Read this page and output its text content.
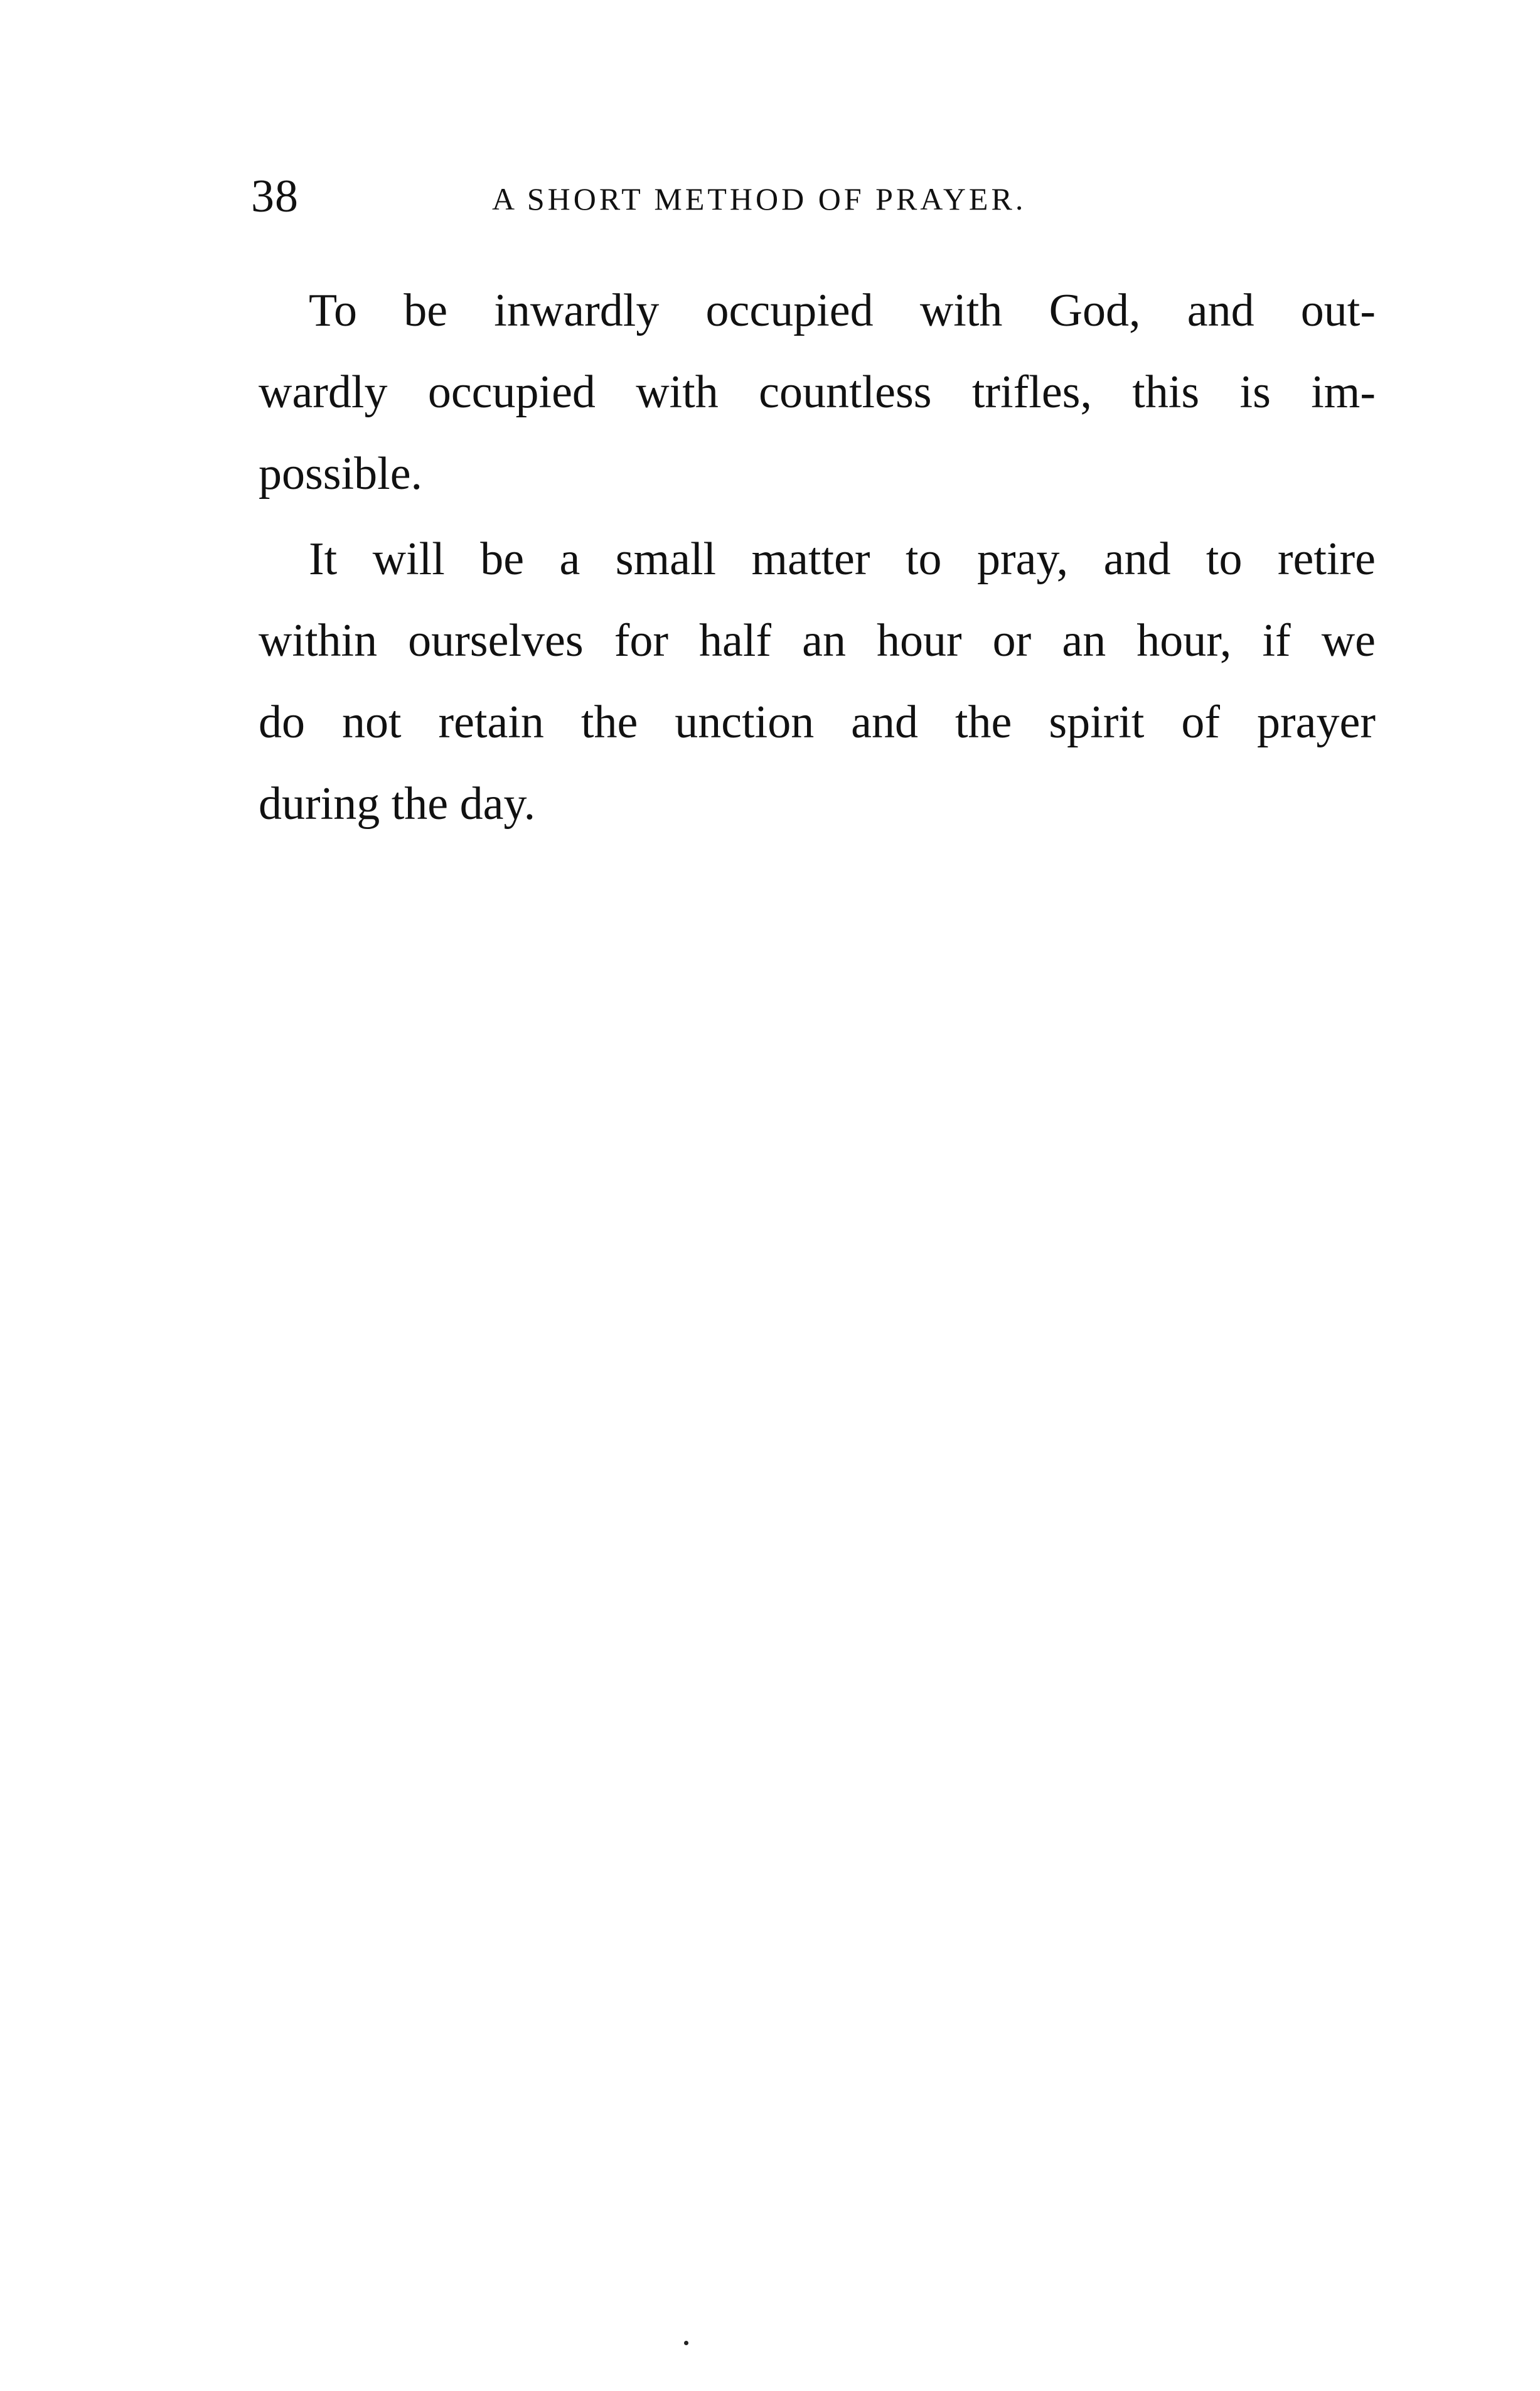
38	A SHORT METHOD OF PRAYER.

To be inwardly occupied with God, and out-
wardly occupied with countless trifles, this is im-
possible.

It will be a small matter to pray, and to retire
within ourselves for half an hour or an hour, if we
do not retain the unction and the spirit of prayer
during the day.
